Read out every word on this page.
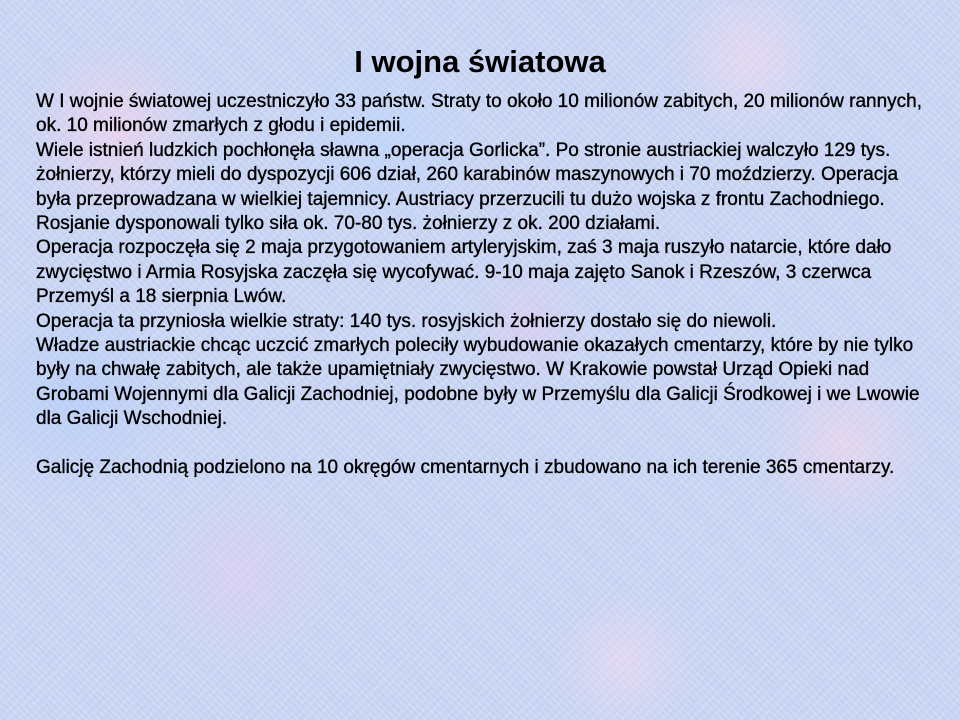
I wojna światowa

W I wojnie światowej uczestniczyło 33 państw. Straty to około 10 milionów zabitych, 20 milionów rannych, ok. 10 milionów zmarłych z głodu i epidemii.

Wiele istnień ludzkich pochłonęła sławna „operacja Gorlicka”. Po stronie austriackiej walczyło 129 tys. żołnierzy, którzy mieli do dyspozycji 606 dział, 260 karabinów maszynowych i 70 moździerzy. Operacja była przeprowadzana w wielkiej tajemnicy. Austriacy przerzucili tu dużo wojska z frontu Zachodniego. Rosjanie dysponowali tylko siła ok. 70-80 tys. żołnierzy z ok. 200 działami.

Operacja rozpoczęła się 2 maja przygotowaniem artyleryjskim, zaś 3 maja ruszyło natarcie, które dało zwycięstwo i Armia Rosyjska zaczęła się wycofywać. 9-10 maja zajęto Sanok i Rzeszów, 3 czerwca Przemyśl a 18 sierpnia Lwów.

Operacja ta przyniosła wielkie straty: 140 tys. rosyjskich żołnierzy dostało się do niewoli.

Władze austriackie chcąc uczcić zmarłych poleciły wybudowanie okazałych cmentarzy, które by nie tylko były na chwałę zabitych, ale także upamiętniały zwycięstwo. W Krakowie powstał Urząd Opieki nad Grobami Wojennymi dla Galicji Zachodniej, podobne były w Przemyślu dla Galicji Środkowej i we Lwowie dla Galicji Wschodniej.

Galicję Zachodnią podzielono na 10 okręgów cmentarnych i zbudowano na ich terenie 365 cmentarzy.
